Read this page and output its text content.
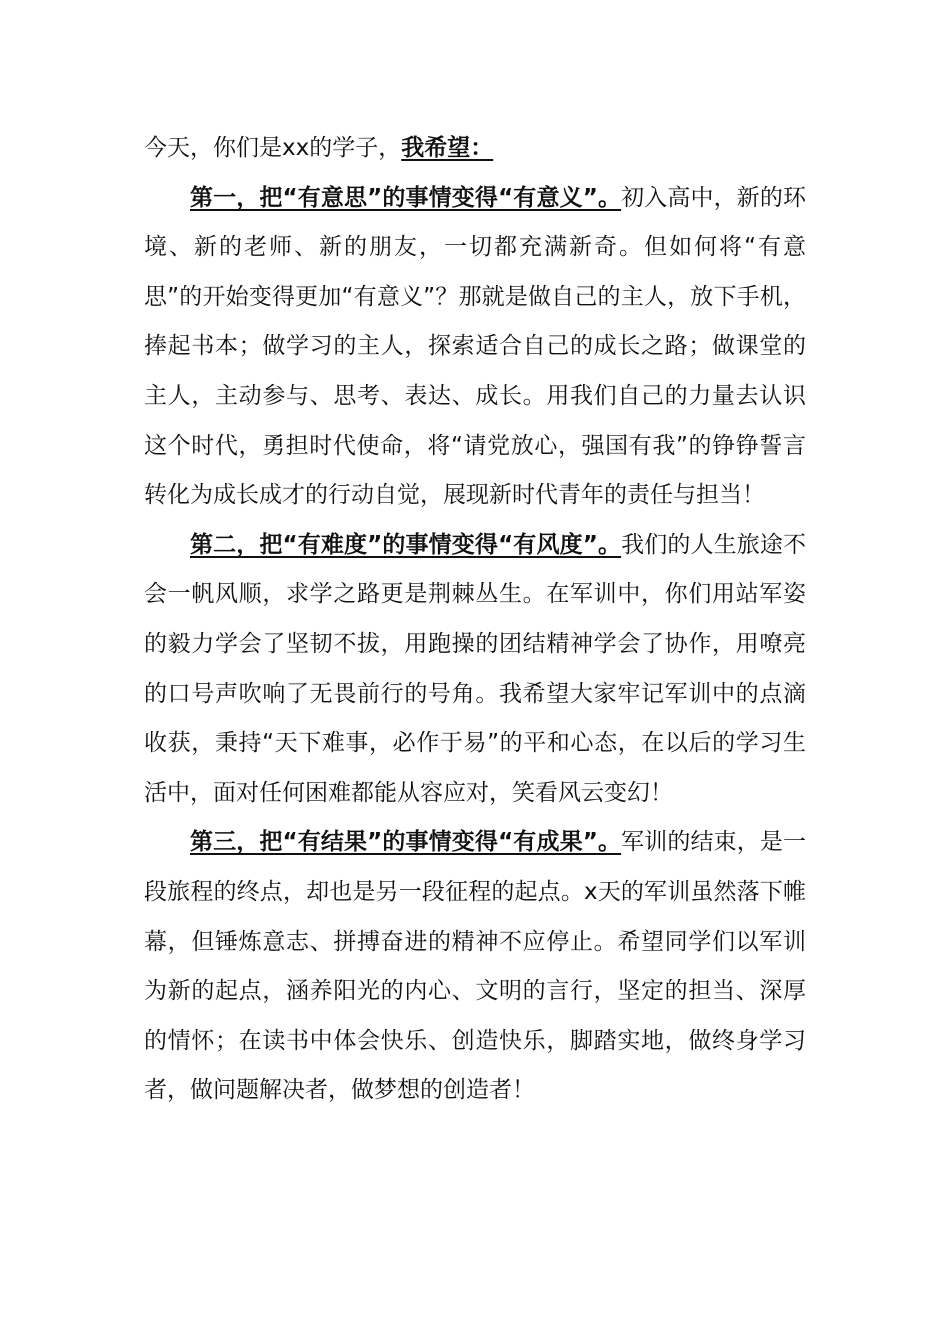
今天，你们是xx的学子，我希望：

第一，把“有意思”的事情变得“有意义”。初入高中，新的环境、新的老师、新的朋友，一切都充满新奇。但如何将“有意思”的开始变得更加“有意义”？那就是做自己的主人，放下手机，捧起书本；做学习的主人，探索适合自己的成长之路；做课堂的主人，主动参与、思考、表达、成长。用我们自己的力量去认识这个时代，勇担时代使命，将“请党放心，强国有我”的铮铮誓言转化为成长成才的行动自觉，展现新时代青年的责任与担当！

第二，把“有难度”的事情变得“有风度”。我们的人生旅途不会一帆风顺，求学之路更是荆棘丛生。在军训中，你们用站军姿的毅力学会了坚韧不拔，用跑操的团结精神学会了协作，用嘹亮的口号声吹响了无畏前行的号角。我希望大家牢记军训中的点滴收获，秉持“天下难事，必作于易”的平和心态，在以后的学习生活中，面对任何困难都能从容应对，笑看风云变幻！

第三，把“有结果”的事情变得“有成果”。军训的结束，是一段旅程的终点，却也是另一段征程的起点。x天的军训虽然落下帷幕，但锤炼意志、拼搏奋进的精神不应停止。希望同学们以军训为新的起点，涵养阳光的内心、文明的言行，坚定的担当、深厚的情怀；在读书中体会快乐、创造快乐，脚踏实地，做终身学习者，做问题解决者，做梦想的创造者！
